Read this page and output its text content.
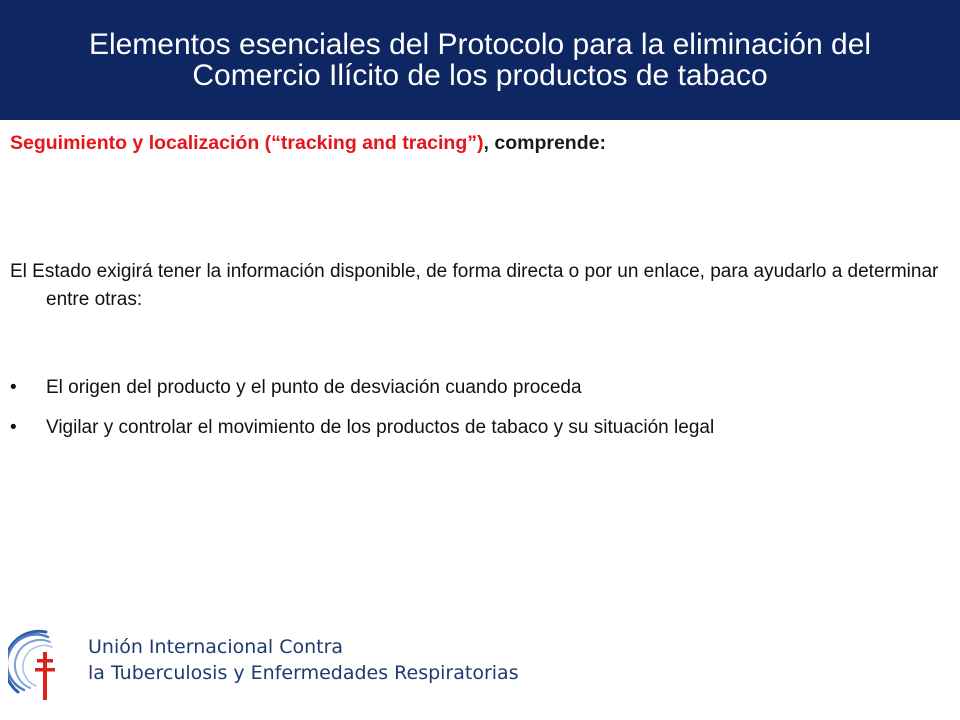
Elementos esenciales del Protocolo para la eliminación del Comercio Ilícito de los productos de tabaco

Seguimiento y localización (“tracking and tracing”), comprende:

El Estado exigirá tener la información disponible, de forma directa o por un enlace, para ayudarlo a determinar entre otras:

• El origen del producto y el punto de desviación cuando proceda
• Vigilar y controlar el movimiento de los productos de tabaco y su situación legal
Unión Internacional Contra
la Tuberculosis y Enfermedades Respiratorias
